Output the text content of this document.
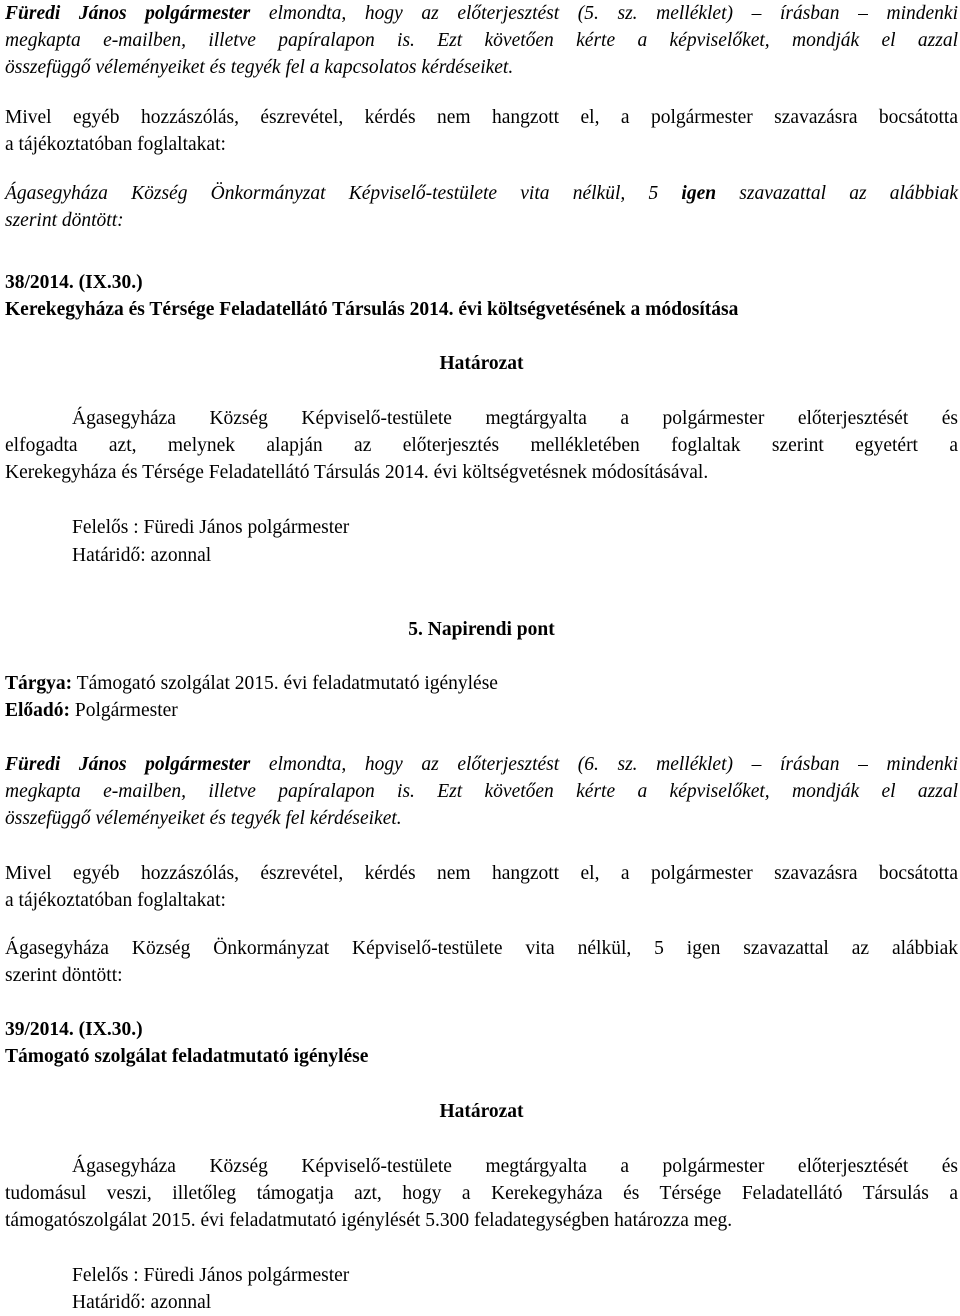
Füredi János polgármester elmondta, hogy az előterjesztést (5. sz. melléklet) – írásban – mindenki
megkapta e-mailben, illetve papíralapon is. Ezt követően kérte a képviselőket, mondják el azzal
összefüggő véleményeiket és tegyék fel a kapcsolatos kérdéseiket.
Mivel egyéb hozzászólás, észrevétel, kérdés nem hangzott el, a polgármester szavazásra bocsátotta
a tájékoztatóban foglaltakat:
Ágasegyháza Község Önkormányzat Képviselő-testülete vita nélkül, 5 igen szavazattal az alábbiak
szerint döntött:
38/2014. (IX.30.)
Kerekegyháza és Térsége Feladatellátó Társulás 2014. évi költségvetésének a módosítása
Határozat
Ágasegyháza Község Képviselő-testülete megtárgyalta a polgármester előterjesztését és
elfogadta azt, melynek alapján az előterjesztés mellékletében foglaltak szerint egyetért a
Kerekegyháza és Térsége Feladatellátó Társulás 2014. évi költségvetésnek módosításával.
Felelős : Füredi János polgármester
Határidő: azonnal
5. Napirendi pont
Tárgya: Támogató szolgálat 2015. évi feladatmutató igénylése
Előadó: Polgármester
Füredi János polgármester elmondta, hogy az előterjesztést (6. sz. melléklet) – írásban – mindenki
megkapta e-mailben, illetve papíralapon is. Ezt követően kérte a képviselőket, mondják el azzal
összefüggő véleményeiket és tegyék fel kérdéseiket.
Mivel egyéb hozzászólás, észrevétel, kérdés nem hangzott el, a polgármester szavazásra bocsátotta
a tájékoztatóban foglaltakat:
Ágasegyháza Község Önkormányzat Képviselő-testülete vita nélkül, 5 igen szavazattal az alábbiak
szerint döntött:
39/2014. (IX.30.)
Támogató szolgálat feladatmutató igénylése
Határozat
Ágasegyháza Község Képviselő-testülete megtárgyalta a polgármester előterjesztését és
tudomásul veszi, illetőleg támogatja azt, hogy a Kerekegyháza és Térsége Feladatellátó Társulás a
támogatószolgálat 2015. évi feladatmutató igénylését 5.300 feladategységben határozza meg.
Felelős : Füredi János polgármester
Határidő: azonnal
